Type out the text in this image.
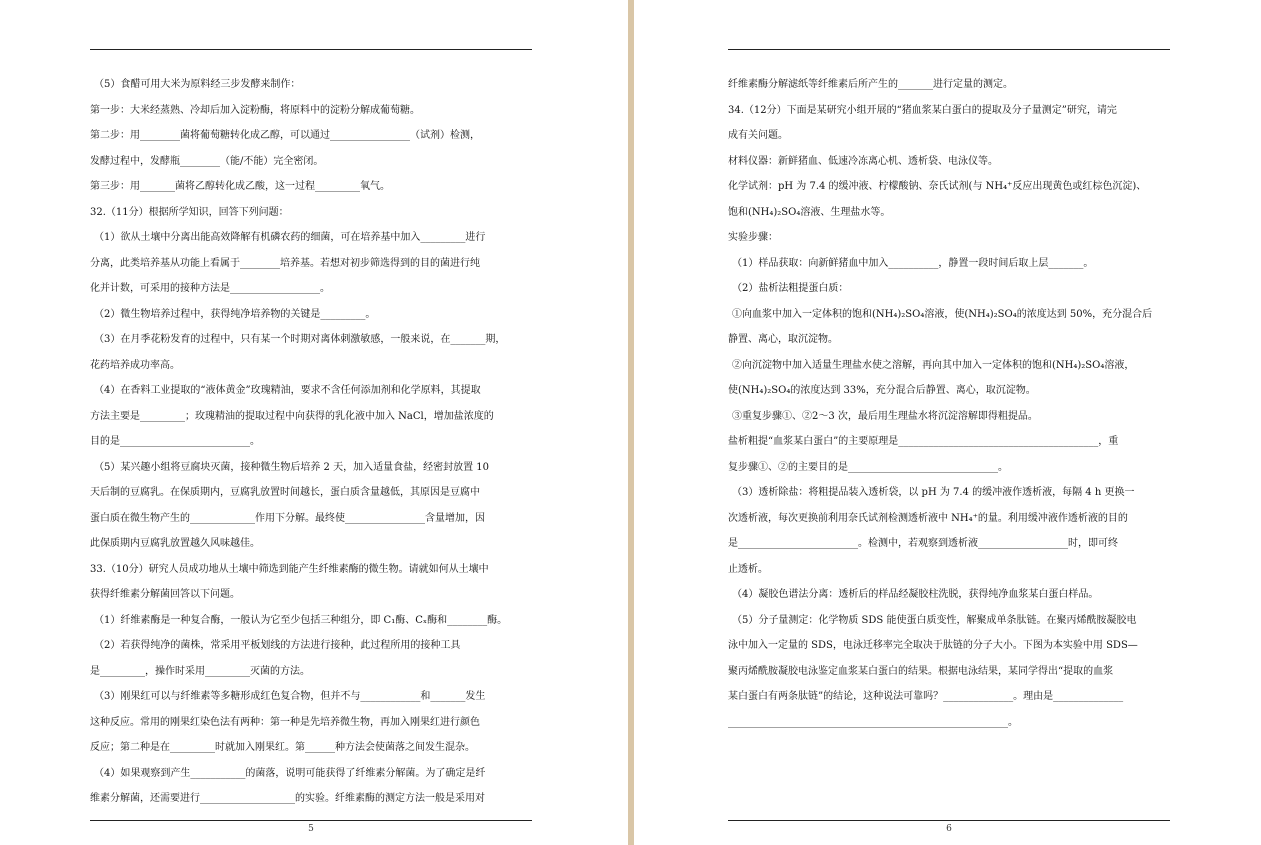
（5）食醋可用大米为原料经三步发酵来制作：
第一步：大米经蒸熟、冷却后加入淀粉酶，将原料中的淀粉分解成葡萄糖。
第二步：用________菌将葡萄糖转化成乙醇，可以通过________________（试剂）检测，
发酵过程中，发酵瓶________（能/不能）完全密闭。
第三步：用_______菌将乙醇转化成乙酸，这一过程_________氧气。
32.（11分）根据所学知识，回答下列问题：
（1）欲从土壤中分离出能高效降解有机磷农药的细菌，可在培养基中加入_________进行
分离，此类培养基从功能上看属于________培养基。若想对初步筛选得到的目的菌进行纯
化并计数，可采用的接种方法是__________________。
（2）微生物培养过程中，获得纯净培养物的关键是_________。
（3）在月季花粉发育的过程中，只有某一个时期对离体刺激敏感，一般来说，在_______期，
花药培养成功率高。
（4）在香料工业提取的“液体黄金”玫瑰精油，要求不含任何添加剂和化学原料，其提取
方法主要是_________；玫瑰精油的提取过程中向获得的乳化液中加入 NaCl，增加盐浓度的
目的是__________________________。
（5）某兴趣小组将豆腐块灭菌，接种微生物后培养 2 天，加入适量食盐，经密封放置 10
天后制的豆腐乳。在保质期内，豆腐乳放置时间越长，蛋白质含量越低，其原因是豆腐中
蛋白质在微生物产生的_____________作用下分解。最终使________________含量增加，因
此保质期内豆腐乳放置越久风味越佳。
33.（10分）研究人员成功地从土壤中筛选到能产生纤维素酶的微生物。请就如何从土壤中
获得纤维素分解菌回答以下问题。
（1）纤维素酶是一种复合酶，一般认为它至少包括三种组分，即 C₁酶、Cₓ酶和________酶。
（2）若获得纯净的菌株，常采用平板划线的方法进行接种，此过程所用的接种工具
是_________，操作时采用_________灭菌的方法。
（3）刚果红可以与纤维素等多糖形成红色复合物，但并不与____________和_______发生
这种反应。常用的刚果红染色法有两种：第一种是先培养微生物，再加入刚果红进行颜色
反应；第二种是在_________时就加入刚果红。第______种方法会使菌落之间发生混杂。
（4）如果观察到产生___________的菌落，说明可能获得了纤维素分解菌。为了确定是纤
维素分解菌，还需要进行___________________的实验。纤维素酶的测定方法一般是采用对
5
纤维素酶分解滤纸等纤维素后所产生的_______进行定量的测定。
34.（12分）下面是某研究小组开展的“猪血浆某白蛋白的提取及分子量测定”研究，请完
成有关问题。
材料仪器：新鲜猪血、低速冷冻离心机、透析袋、电泳仪等。
化学试剂：pH 为 7.4 的缓冲液、柠檬酸钠、奈氏试剂(与 NH₄⁺反应出现黄色或红棕色沉淀)、
饱和(NH₄)₂SO₄溶液、生理盐水等。
实验步骤：
（1）样品获取：向新鲜猪血中加入__________，静置一段时间后取上层_______。
（2）盐析法粗提蛋白质：
①向血浆中加入一定体积的饱和(NH₄)₂SO₄溶液，使(NH₄)₂SO₄的浓度达到 50%，充分混合后
静置、离心，取沉淀物。
②向沉淀物中加入适量生理盐水使之溶解，再向其中加入一定体积的饱和(NH₄)₂SO₄溶液，
使(NH₄)₂SO₄的浓度达到 33%，充分混合后静置、离心，取沉淀物。
③重复步骤①、②2～3 次，最后用生理盐水将沉淀溶解即得粗提品。
盐析粗提“血浆某白蛋白”的主要原理是________________________________________，重
复步骤①、②的主要目的是______________________________。
（3）透析除盐：将粗提品装入透析袋，以 pH 为 7.4 的缓冲液作透析液，每隔 4 h 更换一
次透析液，每次更换前利用奈氏试剂检测透析液中 NH₄⁺的量。利用缓冲液作透析液的目的
是________________________。检测中，若观察到透析液__________________时，即可终
止透析。
（4）凝胶色谱法分离：透析后的样品经凝胶柱洗脱，获得纯净血浆某白蛋白样品。
（5）分子量测定：化学物质 SDS 能使蛋白质变性，解聚成单条肽链。在聚丙烯酰胺凝胶电
泳中加入一定量的 SDS，电泳迁移率完全取决于肽链的分子大小。下图为本实验中用 SDS—
聚丙烯酰胺凝胶电泳鉴定血浆某白蛋白的结果。根据电泳结果，某同学得出“提取的血浆
某白蛋白有两条肽链”的结论，这种说法可靠吗？______________。理由是______________
________________________________________________________。
6
